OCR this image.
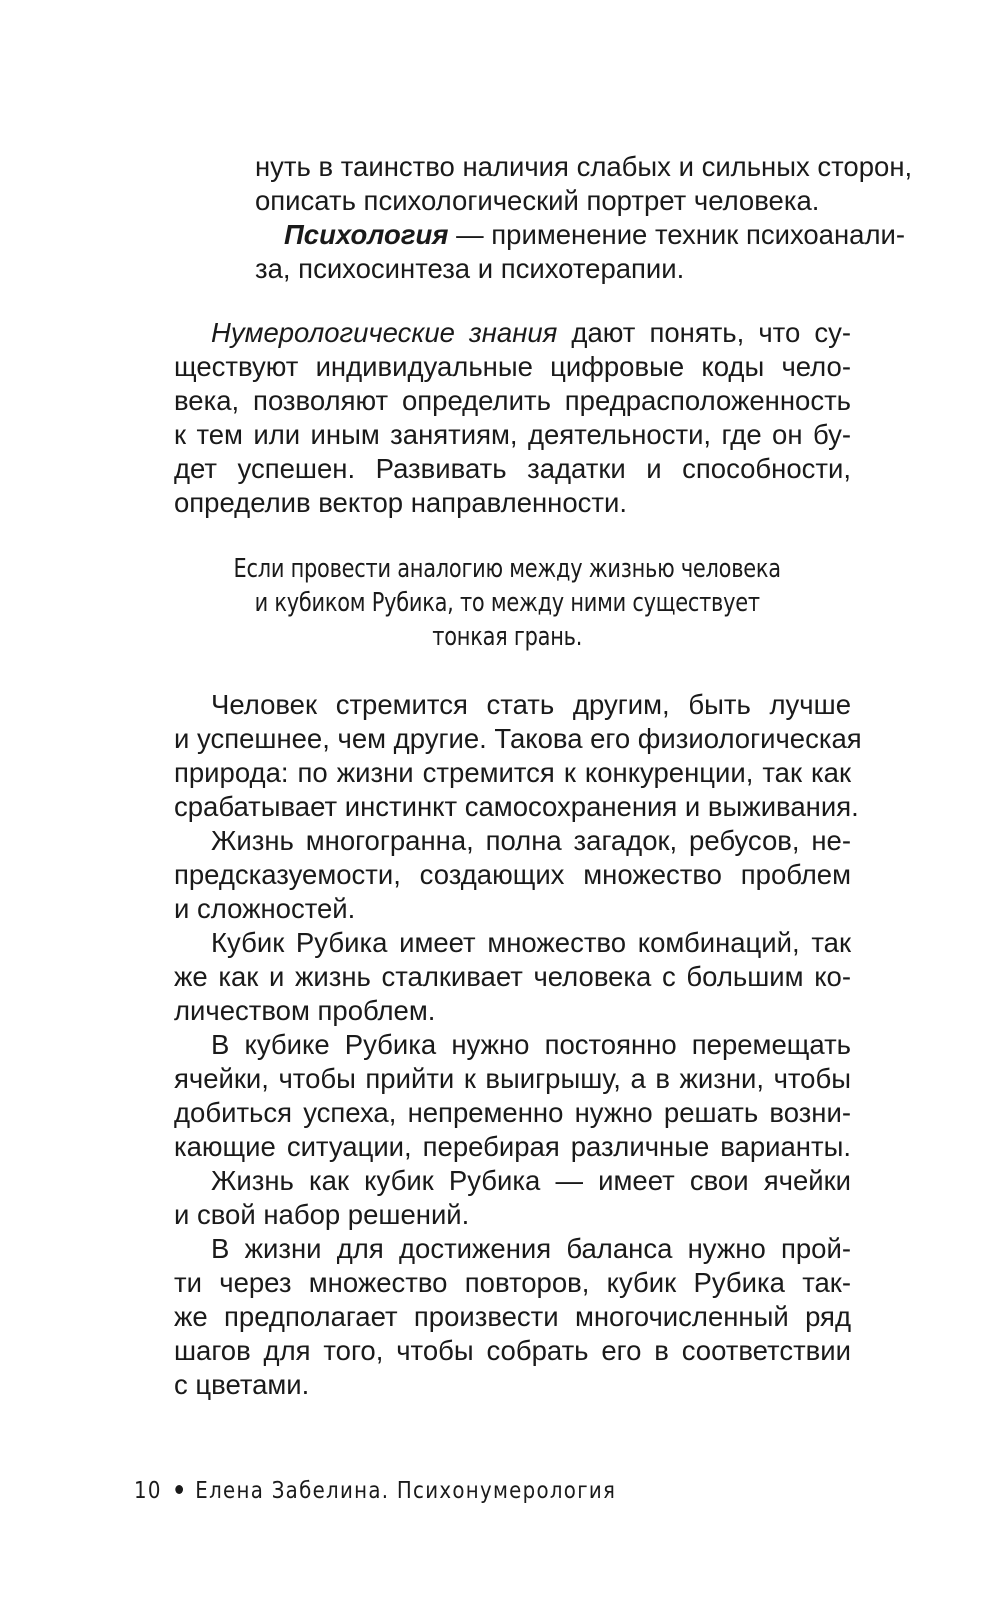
нуть в таинство наличия слабых и сильных сторон,
описать психологический портрет человека.
Психология — применение техник психоанали-
за, психосинтеза и психотерапии.
Нумерологические знания дают понять, что су-
ществуют индивидуальные цифровые коды чело-
века, позволяют определить предрасположенность
к тем или иным занятиям, деятельности, где он бу-
дет успешен. Развивать задатки и способности,
определив вектор направленности.
Если провести аналогию между жизнью человека
и кубиком Рубика, то между ними существует
тонкая грань.
Человек стремится стать другим, быть лучше
и успешнее, чем другие. Такова его физиологическая
природа: по жизни стремится к конкуренции, так как
срабатывает инстинкт самосохранения и выживания.
Жизнь многогранна, полна загадок, ребусов, не-
предсказуемости, создающих множество проблем
и сложностей.
Кубик Рубика имеет множество комбинаций, так
же как и жизнь сталкивает человека с большим ко-
личеством проблем.
В кубике Рубика нужно постоянно перемещать
ячейки, чтобы прийти к выигрышу, а в жизни, чтобы
добиться успеха, непременно нужно решать возни-
кающие ситуации, перебирая различные варианты.
Жизнь как кубик Рубика — имеет свои ячейки
и свой набор решений.
В жизни для достижения баланса нужно прой-
ти через множество повторов, кубик Рубика так-
же предполагает произвести многочисленный ряд
шагов для того, чтобы собрать его в соответствии
с цветами.
10 Елена Забелина. Психонумерология
